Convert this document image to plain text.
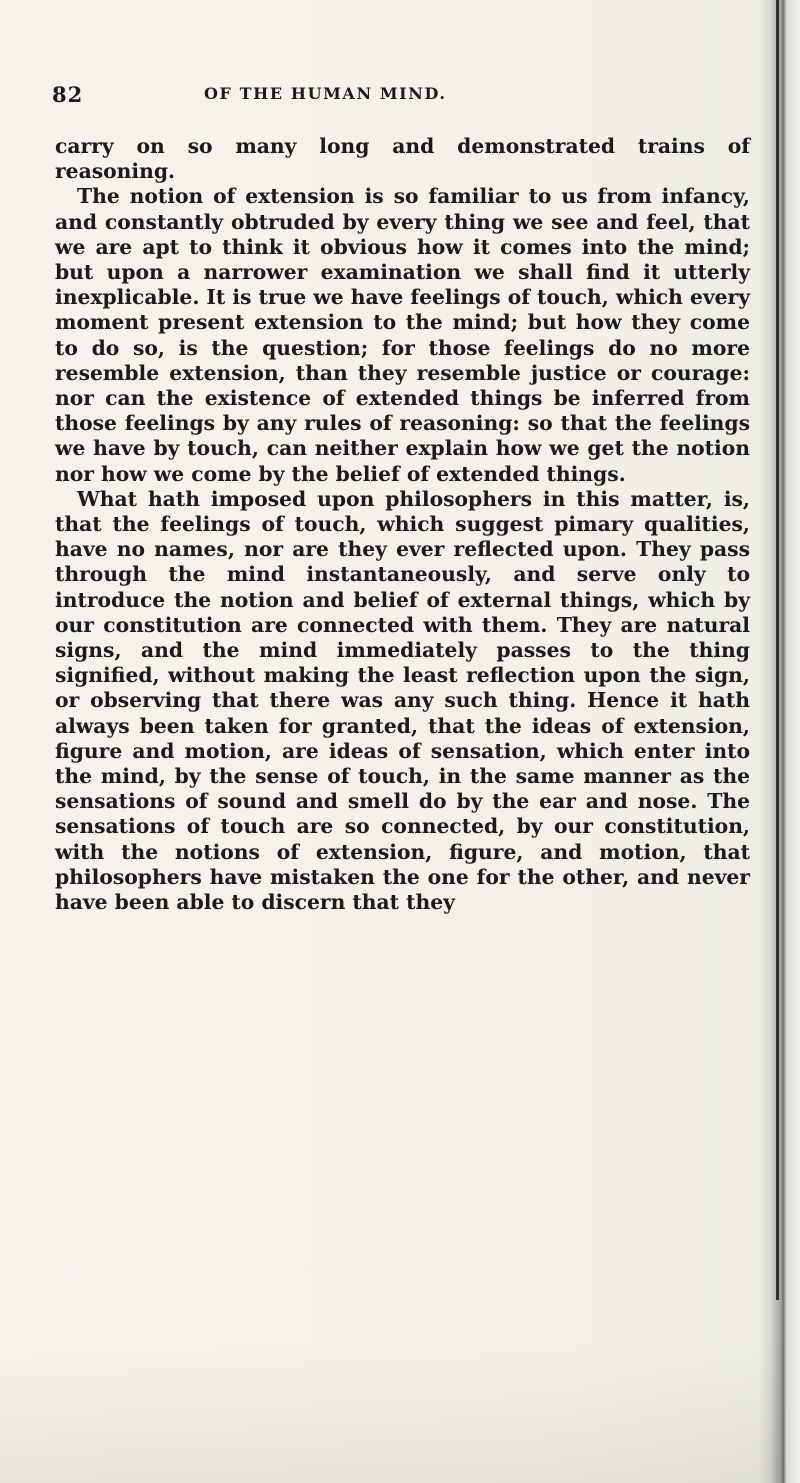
82	OF THE HUMAN MIND.

carry on so many long and demonstrated trains of reasoning.

The notion of extension is so familiar to us from infancy, and constantly obtruded by every thing we see and feel, that we are apt to think it obvious how it comes into the mind; but upon a narrower examination we shall find it utterly inexplicable. It is true we have feelings of touch, which every moment present extension to the mind; but how they come to do so, is the question; for those feelings do no more resemble extension, than they resemble justice or courage: nor can the existence of extended things be inferred from those feelings by any rules of reasoning: so that the feelings we have by touch, can neither explain how we get the notion nor how we come by the belief of extended things.

What hath imposed upon philosophers in this matter, is, that the feelings of touch, which suggest pimary qualities, have no names, nor are they ever reflected upon. They pass through the mind instantaneously, and serve only to introduce the notion and belief of external things, which by our constitution are connected with them. They are natural signs, and the mind immediately passes to the thing signified, without making the least reflection upon the sign, or observing that there was any such thing. Hence it hath always been taken for granted, that the ideas of extension, figure and motion, are ideas of sensation, which enter into the mind, by the sense of touch, in the same manner as the sensations of sound and smell do by the ear and nose. The sensations of touch are so connected, by our constitution, with the notions of extension, figure, and motion, that philosophers have mistaken the one for the other, and never have been able to discern that they
